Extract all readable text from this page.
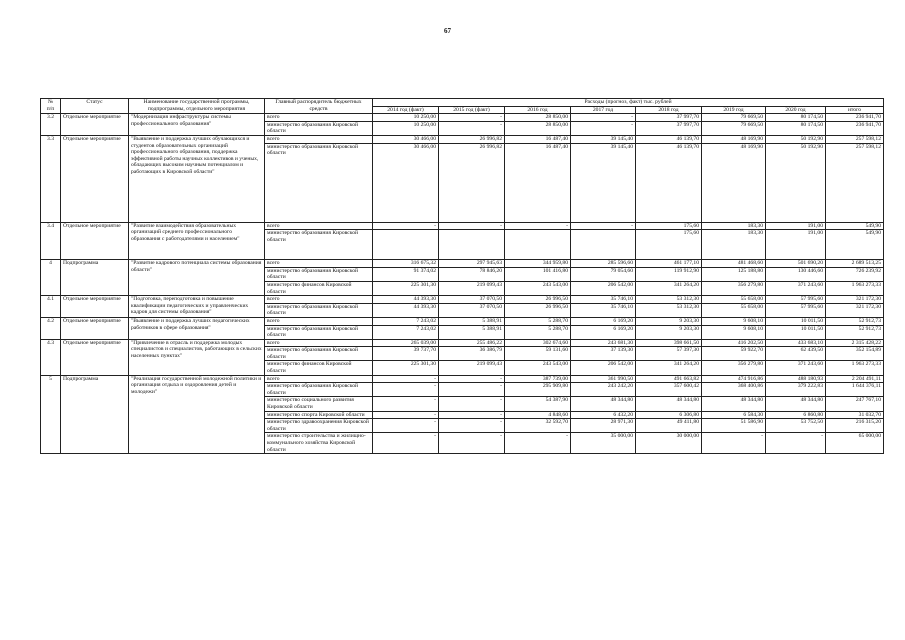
67
№
п/п	Статус	Наименование государственной программы, подпрограммы, отдельного мероприятия	Главный распорядитель бюджетных средств	Расходы (прогноз, факт) тыс. рублей							
				2014 год (факт)	2015 год (факт)	2016 год	2017 год	2018 год	2019 год	2020 год	итого
3.2	Отдельное мероприятие	"Модернизация инфраструктуры системы профессионального образования"	всего	10 250,00	-	28 850,00	-	37 997,70	79 669,50	80 174,50	236 941,70
			министерство образования Кировской области	10 250,00	-	28 850,00	-	37 997,70	79 669,50	80 174,50	236 941,70
3.3	Отдельное мероприятие	"Выявление и поддержка лучших обучающихся и студентов образовательных организаций профессионального образования, поддержка эффективной работы научных коллективов и ученых, обладающих высоким научным потенциалом и работающих в Кировской области"	всего	30 466,00	26 996,82	16 487,40	39 145,40	46 139,70	48 169,90	50 192,90	257 598,12
			министерство образования Кировской области	30 466,00	26 996,82	16 487,40	39 145,40	46 139,70	48 169,90	50 192,90	257 598,12
3.4	Отдельное мероприятие	"Развитие взаимодействия образовательных организаций среднего профессионального образования с работодателями и населением"	всего	-	-	-	-	175,60	183,30	191,00	549,90
			министерство образования Кировской области					175,60	183,30	191,00	549,90
4	Подпрограмма	"Развитие кадрового потенциала системы образования области"	всего	316 675,32	297 945,63	344 959,80	285 596,60	461 177,10	481 468,60	501 690,20	2 689 513,25
			министерство образования Кировской области	91 374,02	78 846,20	101 416,80	79 054,60	119 912,90	125 188,80	130 446,60	726 239,92
			министерство финансов Кировской области	225 301,30	219 099,43	243 543,00	206 542,00	341 264,20	356 279,80	371 243,60	1 963 273,33
4.1	Отдельное мероприятие	"Подготовка, переподготовка и повышение квалификации педагогических и управленческих кадров для системы образования"	всего	44 393,30	37 070,50	26 996,50	35 746,10	53 312,30	55 658,00	57 995,60	321 172,30
			министерство образования Кировской области	44 393,30	37 070,50	26 996,50	35 746,10	53 312,30	55 658,00	57 995,60	321 172,30
4.2	Отдельное мероприятие	"Выявление и поддержка лучших педагогических работников в сфере образования"	всего	7 243,02	5 388,91	5 288,70	6 169,20	9 203,30	9 608,10	10 011,50	52 912,73
			министерство образования Кировской области	7 243,02	5 388,91	5 288,70	6 169,20	9 203,30	9 608,10	10 011,50	52 912,73
4.3	Отдельное мероприятие	"Привлечение в отрасль и поддержка молодых специалистов и специалистов, работающих в сельских населенных пунктах"	всего	265 039,00	255 486,22	302 674,60	243 681,30	398 661,50	416 202,50	433 683,10	2 315 428,22
			министерство образования Кировской области	39 737,70	36 386,79	59 131,60	37 139,30	57 397,30	59 922,70	62 439,50	352 154,89
			министерство финансов Кировской области	225 301,30	219 099,43	243 543,00	206 542,00	341 264,20	356 279,80	371 243,60	1 963 273,33
5	Подпрограмма	"Реализация государственной молодежной политики и организация отдыха и оздоровления детей и молодежи"	всего	-	-	387 739,00	361 990,50	491 663,82	474 916,86	488 180,93	2 204 491,11
			министерство образования Кировской области	-	-	295 909,80	243 242,20	357 600,42	368 400,86	379 222,83	1 644 376,11
			министерство социального развития Кировской области	-	-	54 387,90	48 344,80	48 344,80	48 344,80	48 344,80	247 767,10
			министерство спорта Кировской области	-	-	4 848,60	6 432,20	6 306,80	6 584,30	6 860,80	31 032,70
			министерство здравоохранения Кировской области	-	-	32 592,70	28 971,30	49 411,80	51 586,90	53 752,50	216 315,20
			министерство строительства и жилищно-коммунального хозяйства Кировской области	-	-	-	35 000,00	30 000,00	-	-	65 000,00
